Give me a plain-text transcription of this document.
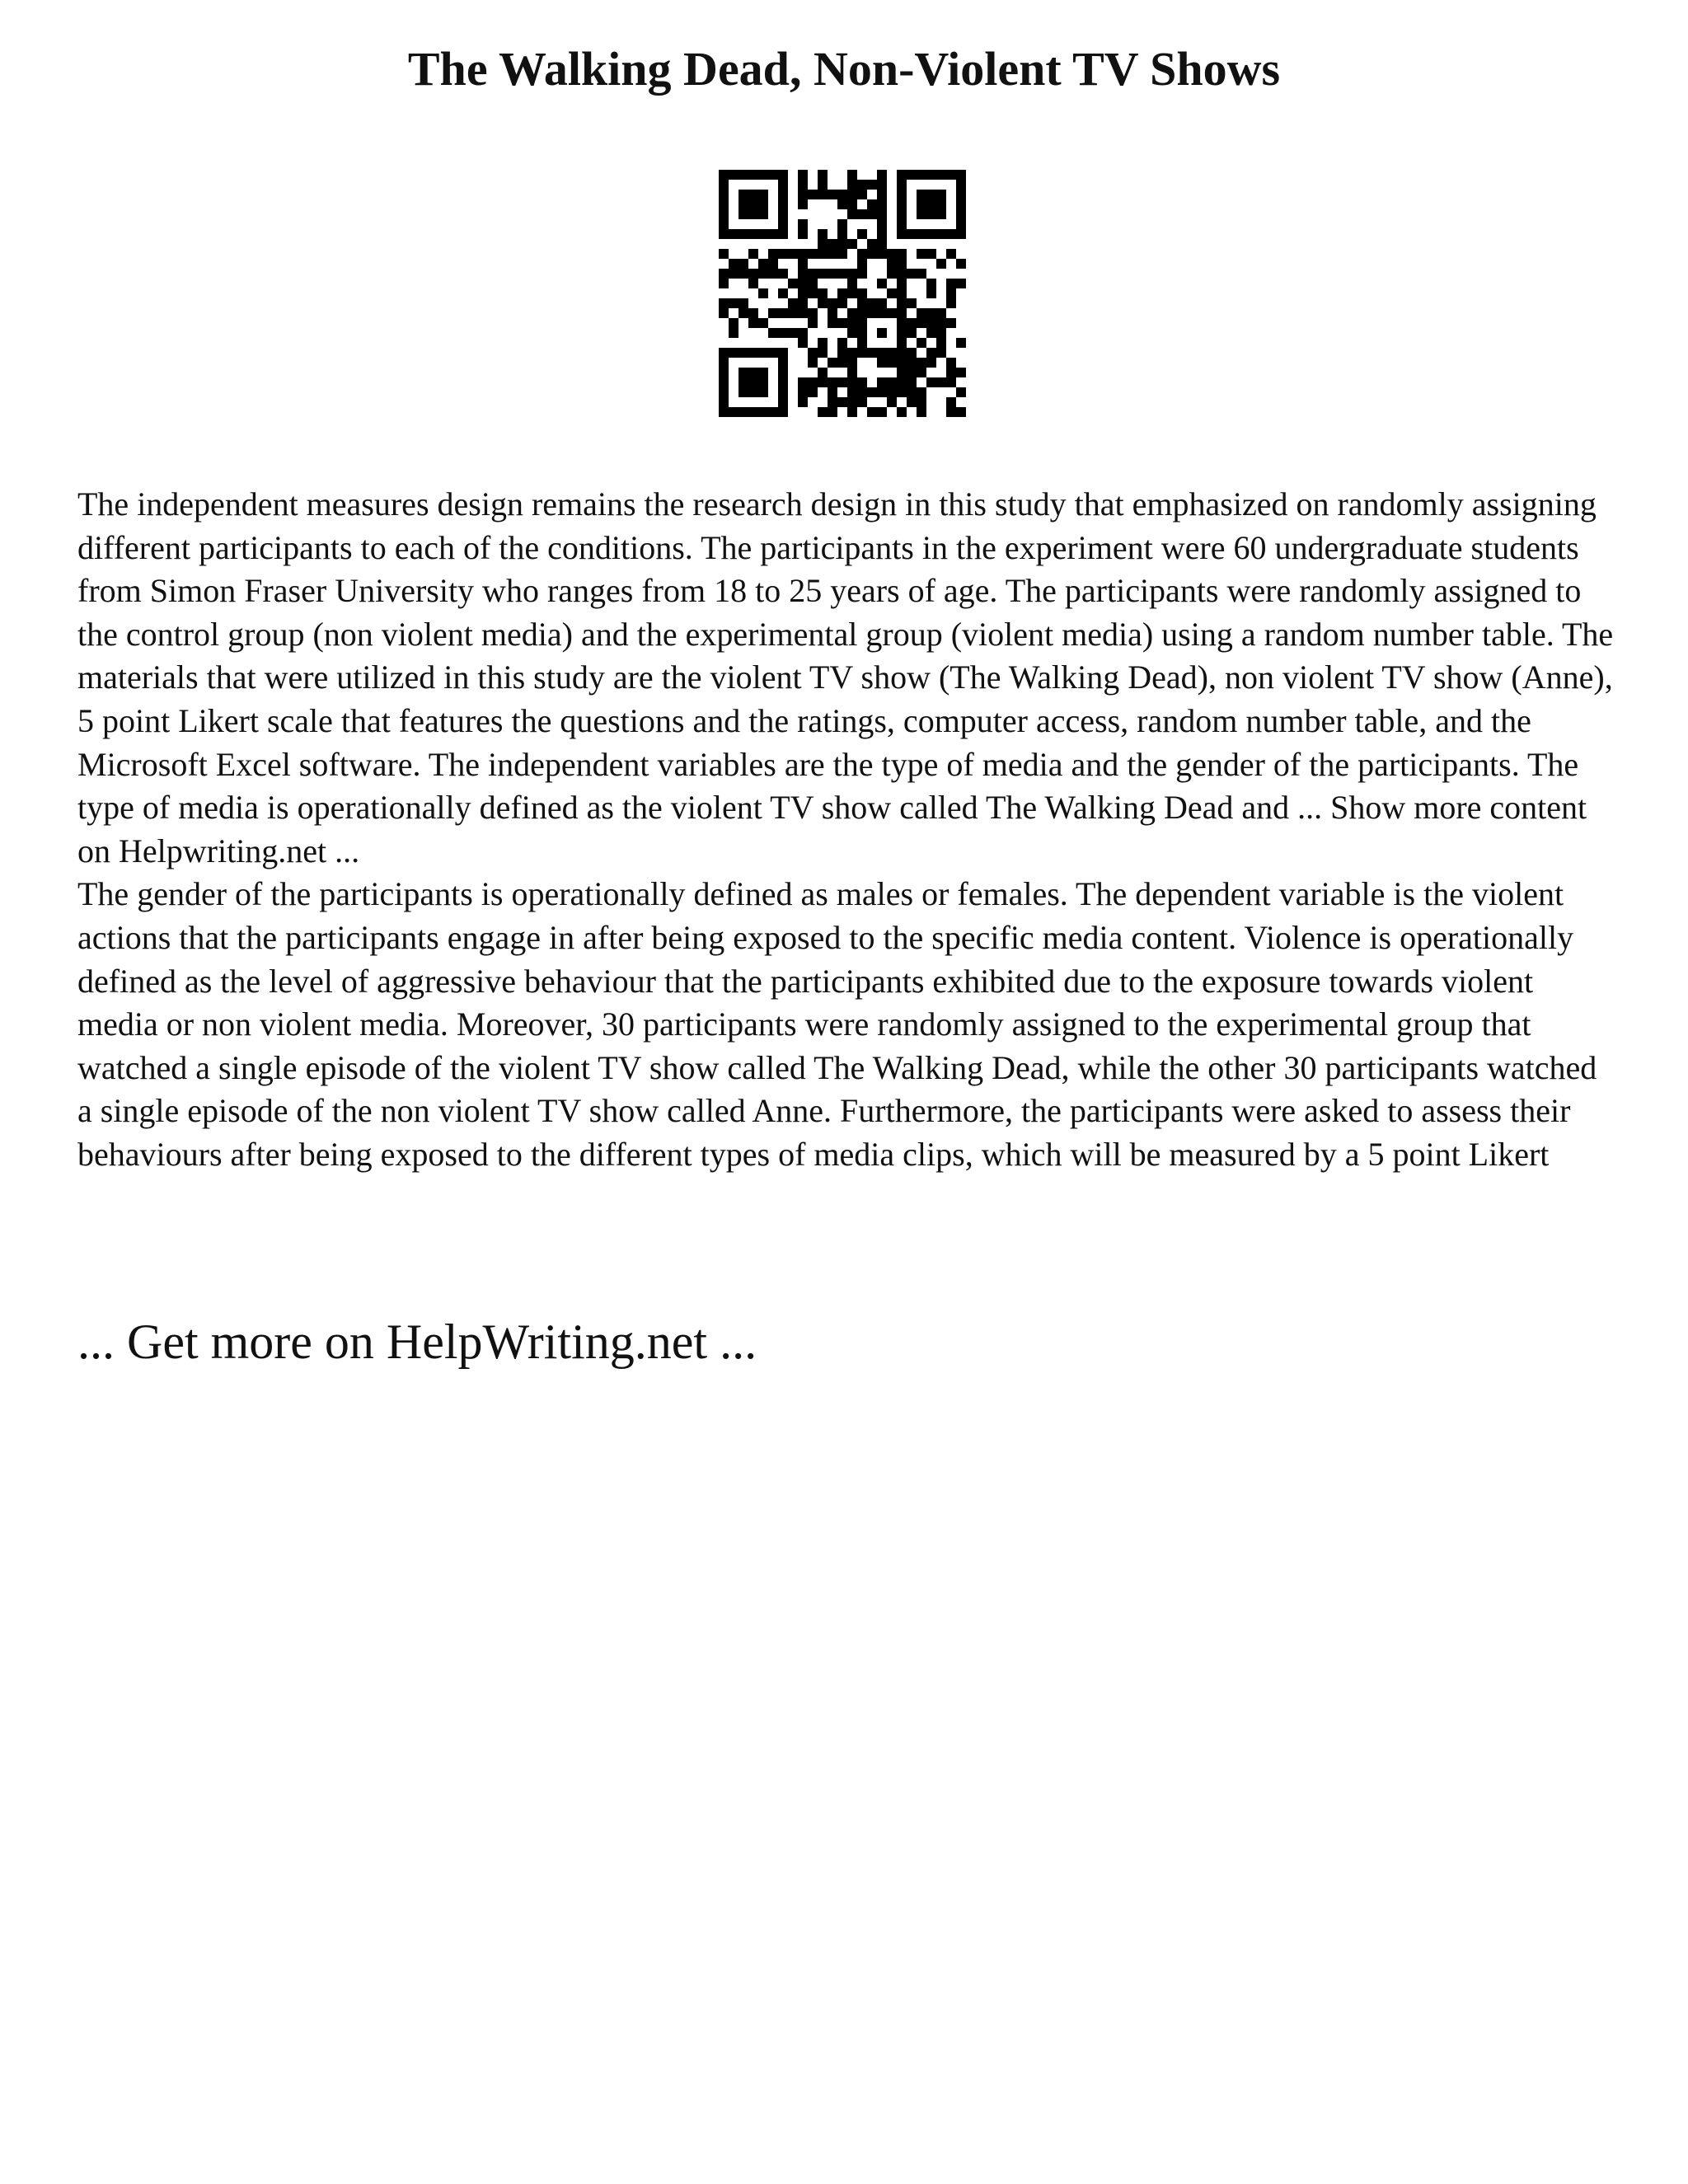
The Walking Dead, Non-Violent TV Shows

The independent measures design remains the research design in this study that emphasized on randomly assigning different participants to each of the conditions. The participants in the experiment were 60 undergraduate students from Simon Fraser University who ranges from 18 to 25 years of age. The participants were randomly assigned to the control group (non violent media) and the experimental group (violent media) using a random number table. The materials that were utilized in this study are the violent TV show (The Walking Dead), non violent TV show (Anne), 5 point Likert scale that features the questions and the ratings, computer access, random number table, and the Microsoft Excel software. The independent variables are the type of media and the gender of the participants. The type of media is operationally defined as the violent TV show called The Walking Dead and ... Show more content on Helpwriting.net ...

The gender of the participants is operationally defined as males or females. The dependent variable is the violent actions that the participants engage in after being exposed to the specific media content. Violence is operationally defined as the level of aggressive behaviour that the participants exhibited due to the exposure towards violent media or non violent media. Moreover, 30 participants were randomly assigned to the experimental group that watched a single episode of the violent TV show called The Walking Dead, while the other 30 participants watched a single episode of the non violent TV show called Anne. Furthermore, the participants were asked to assess their behaviours after being exposed to the different types of media clips, which will be measured by a 5 point Likert

... Get more on HelpWriting.net ...
